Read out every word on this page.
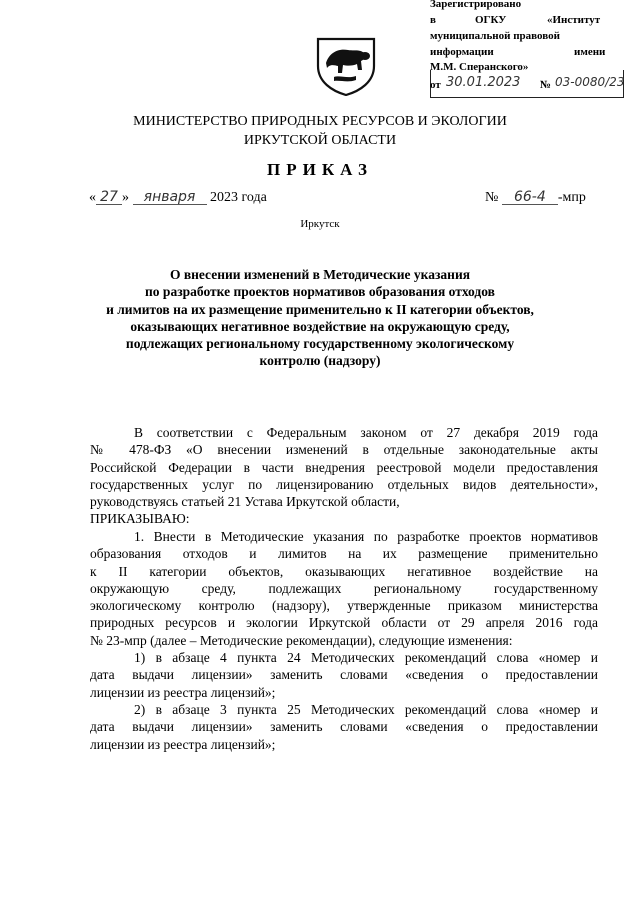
Зарегистрировано
в	ОГКУ	«Институт
муниципальной правовой
информации	имени
М.М. Сперанского»
от 30.01.2023 № 03-0080/23
МИНИСТЕРСТВО ПРИРОДНЫХ РЕСУРСОВ И ЭКОЛОГИИ
ИРКУТСКОЙ ОБЛАСТИ
ПРИКАЗ
« 27 » января 2023 года	№ 66-4 -мпр
Иркутск
О внесении изменений в Методические указания
по разработке проектов нормативов образования отходов
и лимитов на их размещение применительно к II категории объектов,
оказывающих негативное воздействие на окружающую среду,
подлежащих региональному государственному экологическому
контролю (надзору)

В соответствии с Федеральным законом от 27 декабря 2019 года

№ 478-ФЗ «О внесении изменений в отдельные законодательные акты

Российской Федерации в части внедрения реестровой модели предоставления

государственных услуг по лицензированию отдельных видов деятельности»,

руководствуясь статьей 21 Устава Иркутской области,

ПРИКАЗЫВАЮ:

1. Внести в Методические указания по разработке проектов нормативов

образования отходов и лимитов на их размещение применительно

к II категории объектов, оказывающих негативное воздействие на

окружающую среду, подлежащих региональному государственному

экологическому контролю (надзору), утвержденные приказом министерства

природных ресурсов и экологии Иркутской области от 29 апреля 2016 года

№ 23-мпр (далее – Методические рекомендации), следующие изменения:

1) в абзаце 4 пункта 24 Методических рекомендаций слова «номер и

дата выдачи лицензии» заменить словами «сведения о предоставлении

лицензии из реестра лицензий»;

2) в абзаце 3 пункта 25 Методических рекомендаций слова «номер и

дата выдачи лицензии» заменить словами «сведения о предоставлении

лицензии из реестра лицензий»;
